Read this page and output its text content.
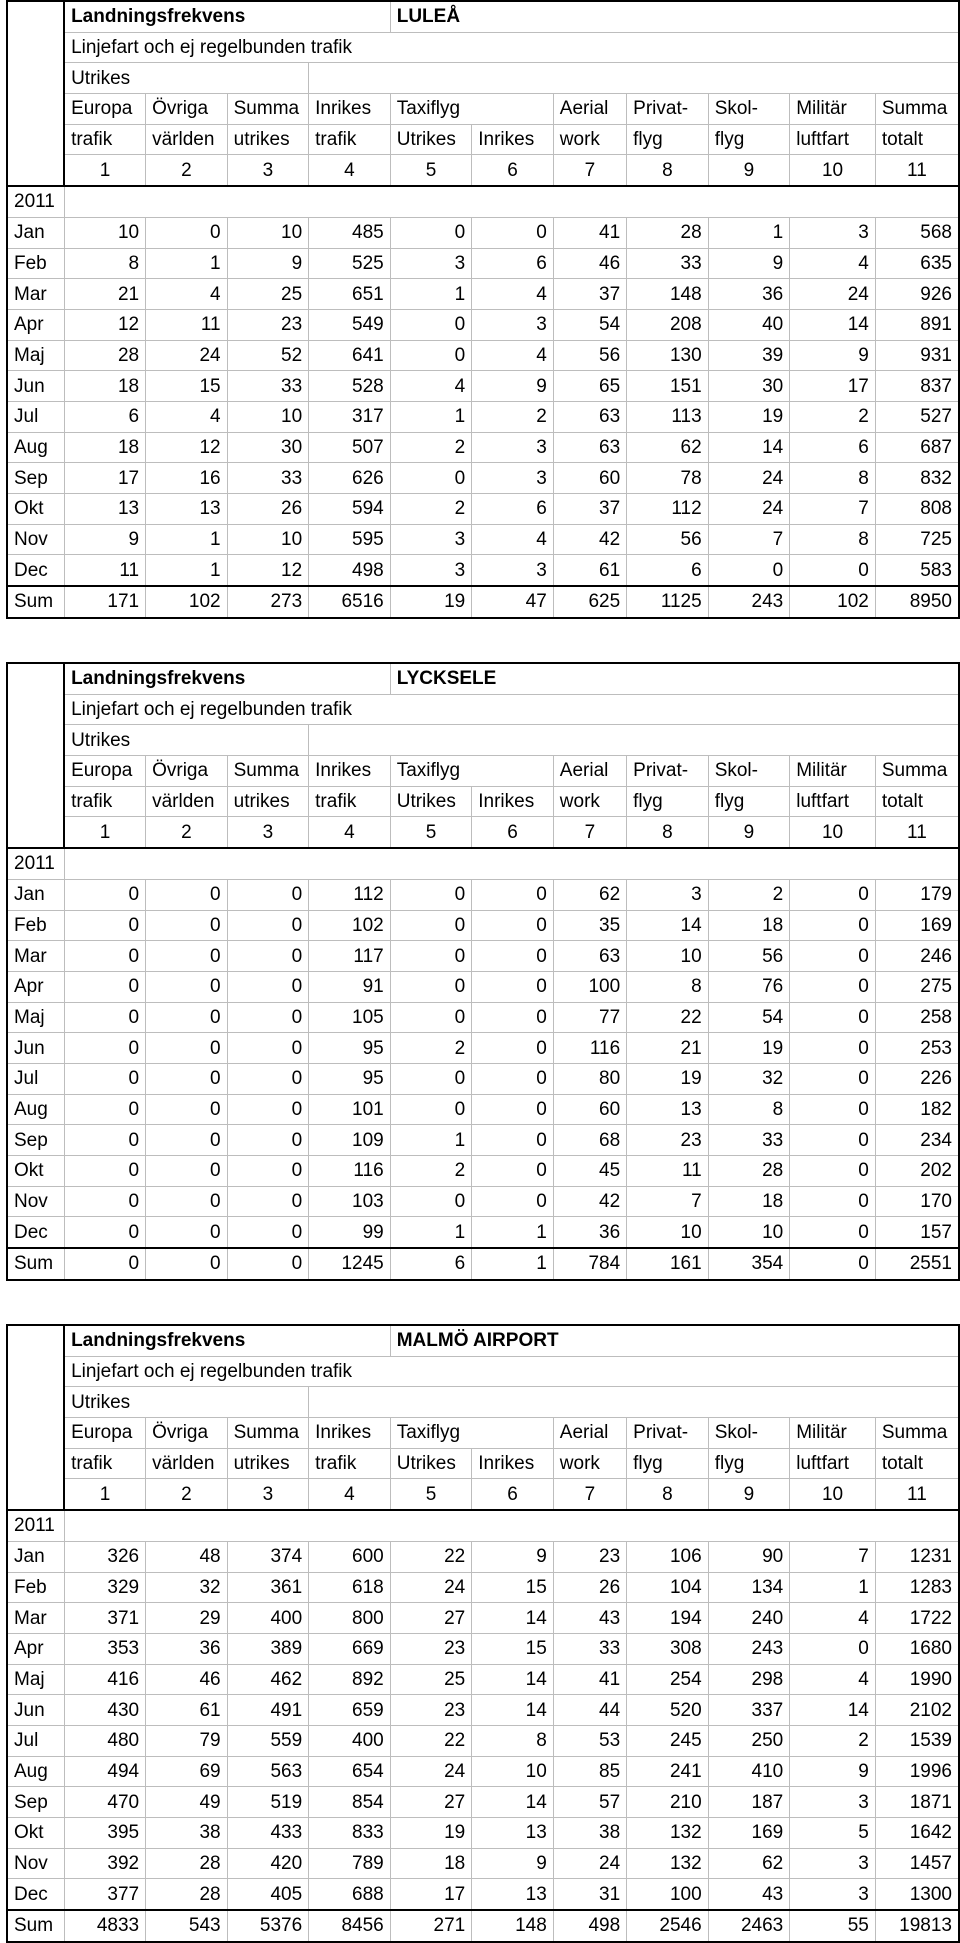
	Landningsfrekvens				LULEÅ						
	Linjefart och ej regelbunden trafik										
	Utrikes										
	Europa	Övriga	Summa	Inrikes	Taxiflyg		Aerial	Privat-	Skol-	Militär	Summa
	trafik	världen	utrikes	trafik	Utrikes	Inrikes	work	flyg	flyg	luftfart	totalt
	1	2	3	4	5	6	7	8	9	10	11
2011											
Jan	10	0	10	485	0	0	41	28	1	3	568
Feb	8	1	9	525	3	6	46	33	9	4	635
Mar	21	4	25	651	1	4	37	148	36	24	926
Apr	12	11	23	549	0	3	54	208	40	14	891
Maj	28	24	52	641	0	4	56	130	39	9	931
Jun	18	15	33	528	4	9	65	151	30	17	837
Jul	6	4	10	317	1	2	63	113	19	2	527
Aug	18	12	30	507	2	3	63	62	14	6	687
Sep	17	16	33	626	0	3	60	78	24	8	832
Okt	13	13	26	594	2	6	37	112	24	7	808
Nov	9	1	10	595	3	4	42	56	7	8	725
Dec	11	1	12	498	3	3	61	6	0	0	583
Sum	171	102	273	6516	19	47	625	1125	243	102	8950
	Landningsfrekvens				LYCKSELE						
	Linjefart och ej regelbunden trafik										
	Utrikes										
	Europa	Övriga	Summa	Inrikes	Taxiflyg		Aerial	Privat-	Skol-	Militär	Summa
	trafik	världen	utrikes	trafik	Utrikes	Inrikes	work	flyg	flyg	luftfart	totalt
	1	2	3	4	5	6	7	8	9	10	11
2011											
Jan	0	0	0	112	0	0	62	3	2	0	179
Feb	0	0	0	102	0	0	35	14	18	0	169
Mar	0	0	0	117	0	0	63	10	56	0	246
Apr	0	0	0	91	0	0	100	8	76	0	275
Maj	0	0	0	105	0	0	77	22	54	0	258
Jun	0	0	0	95	2	0	116	21	19	0	253
Jul	0	0	0	95	0	0	80	19	32	0	226
Aug	0	0	0	101	0	0	60	13	8	0	182
Sep	0	0	0	109	1	0	68	23	33	0	234
Okt	0	0	0	116	2	0	45	11	28	0	202
Nov	0	0	0	103	0	0	42	7	18	0	170
Dec	0	0	0	99	1	1	36	10	10	0	157
Sum	0	0	0	1245	6	1	784	161	354	0	2551
	Landningsfrekvens				MALMÖ AIRPORT						
	Linjefart och ej regelbunden trafik										
	Utrikes										
	Europa	Övriga	Summa	Inrikes	Taxiflyg		Aerial	Privat-	Skol-	Militär	Summa
	trafik	världen	utrikes	trafik	Utrikes	Inrikes	work	flyg	flyg	luftfart	totalt
	1	2	3	4	5	6	7	8	9	10	11
2011											
Jan	326	48	374	600	22	9	23	106	90	7	1231
Feb	329	32	361	618	24	15	26	104	134	1	1283
Mar	371	29	400	800	27	14	43	194	240	4	1722
Apr	353	36	389	669	23	15	33	308	243	0	1680
Maj	416	46	462	892	25	14	41	254	298	4	1990
Jun	430	61	491	659	23	14	44	520	337	14	2102
Jul	480	79	559	400	22	8	53	245	250	2	1539
Aug	494	69	563	654	24	10	85	241	410	9	1996
Sep	470	49	519	854	27	14	57	210	187	3	1871
Okt	395	38	433	833	19	13	38	132	169	5	1642
Nov	392	28	420	789	18	9	24	132	62	3	1457
Dec	377	28	405	688	17	13	31	100	43	3	1300
Sum	4833	543	5376	8456	271	148	498	2546	2463	55	19813
